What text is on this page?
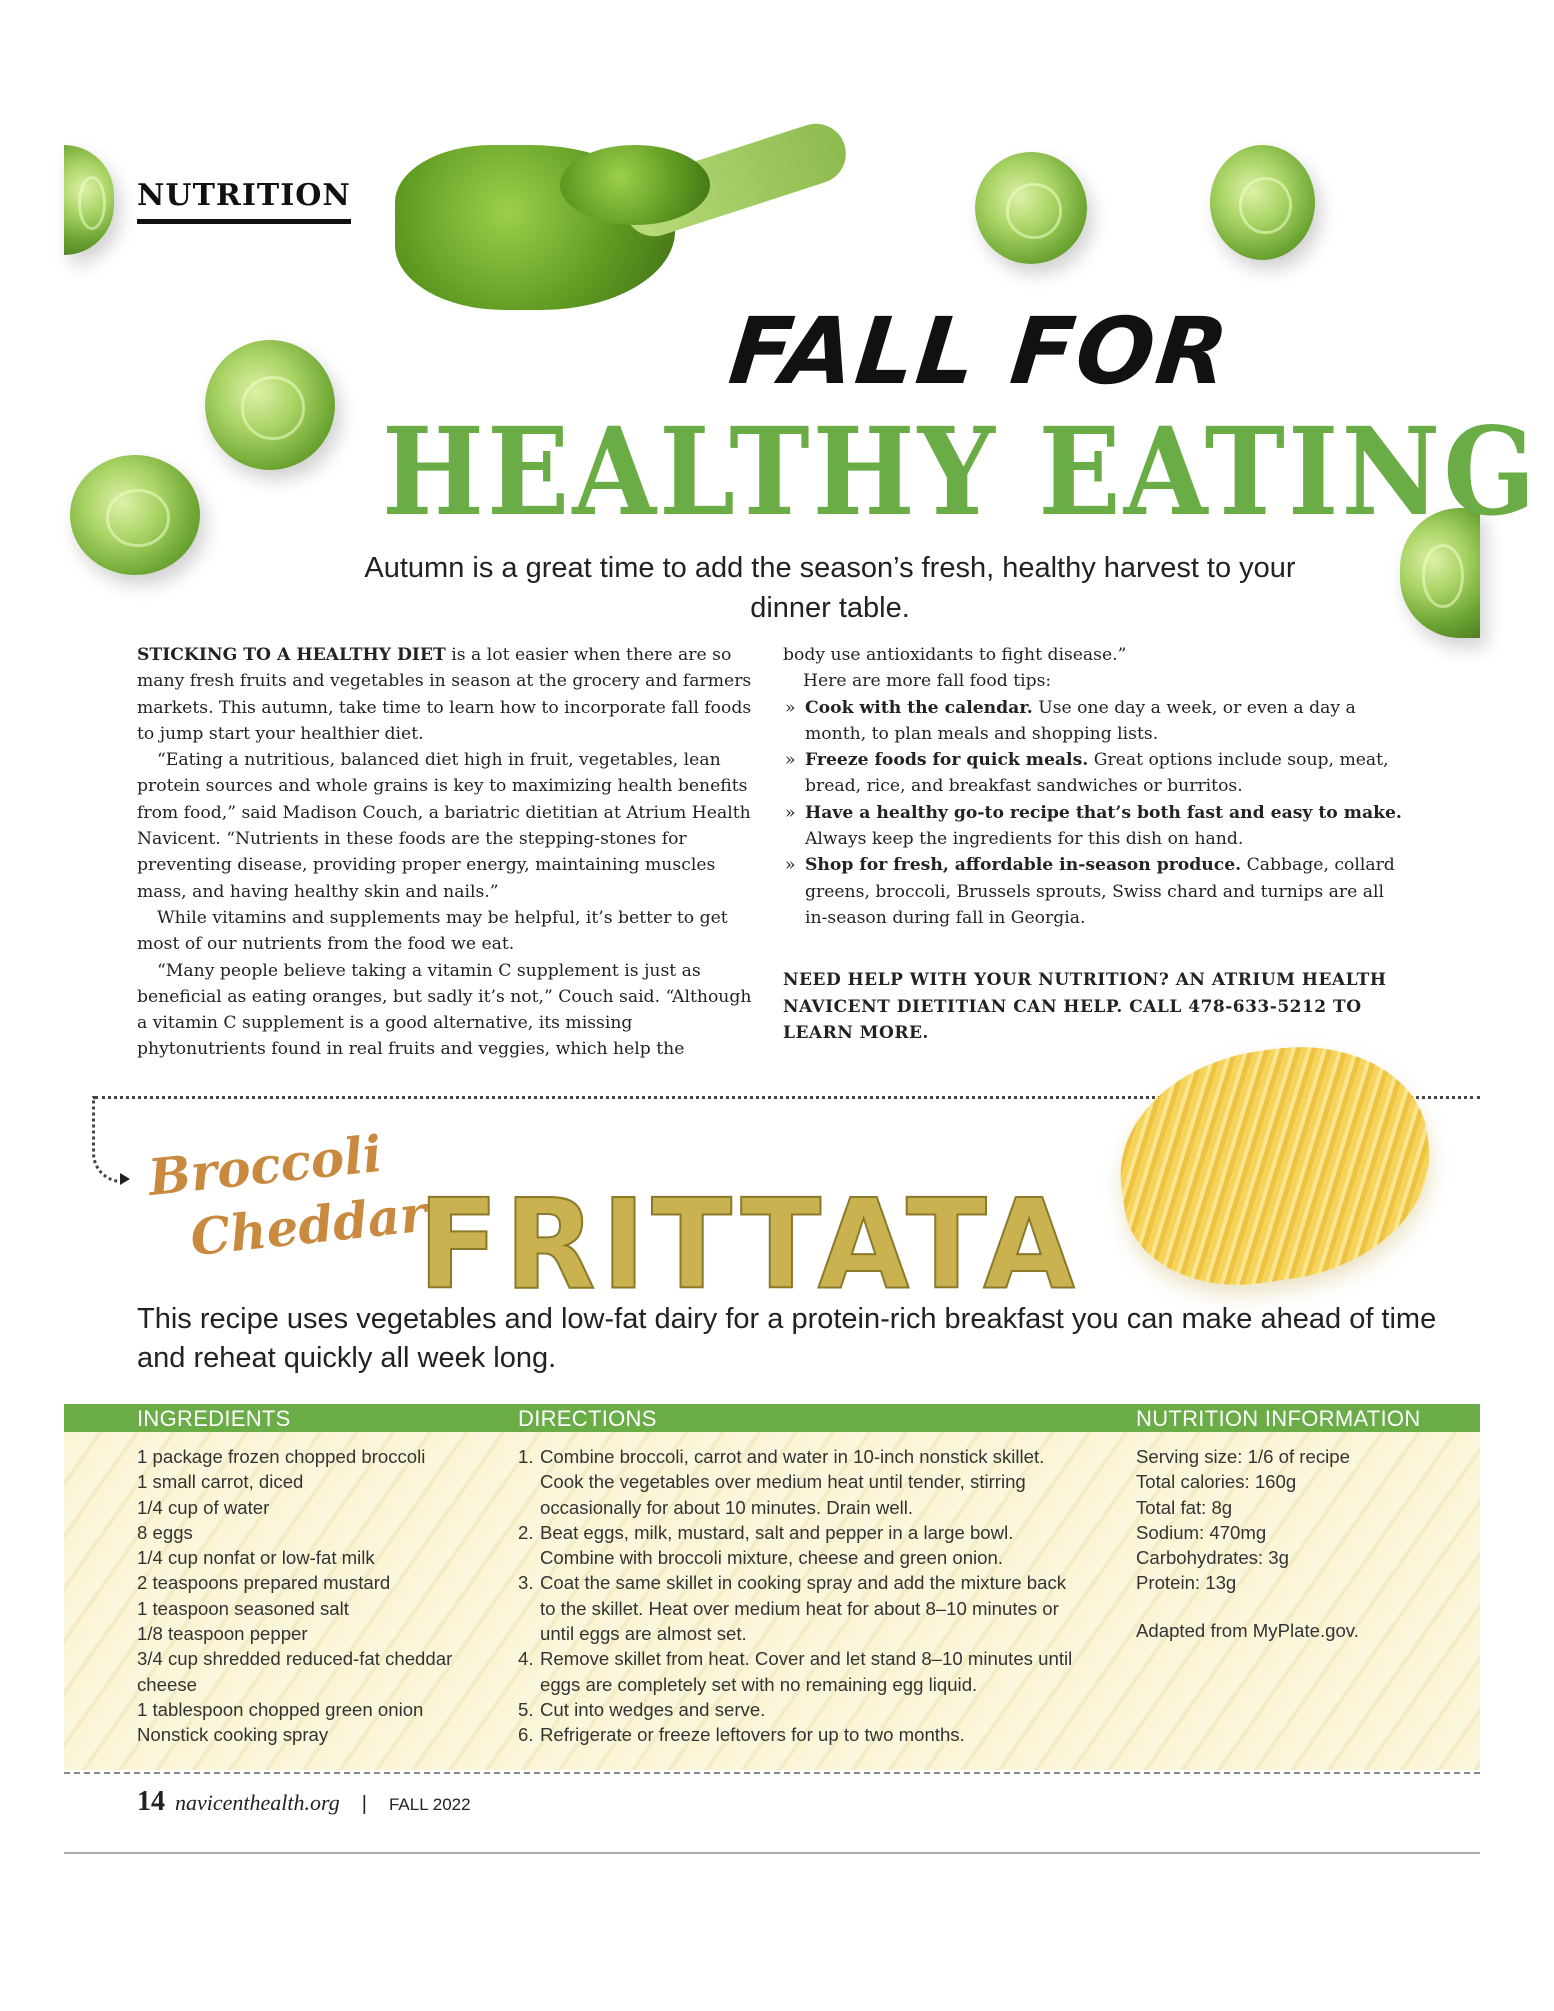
NUTRITION
FALL FOR
HEALTHY EATING
Autumn is a great time to add the season’s fresh, healthy harvest to your dinner table.

STICKING TO A HEALTHY DIET is a lot easier when there are so many fresh fruits and vegetables in season at the grocery and farmers markets. This autumn, take time to learn how to incorporate fall foods to jump start your healthier diet.

“Eating a nutritious, balanced diet high in fruit, vegetables, lean protein sources and whole grains is key to maximizing health benefits from food,” said Madison Couch, a bariatric dietitian at Atrium Health Navicent. “Nutrients in these foods are the stepping-stones for preventing disease, providing proper energy, maintaining muscles mass, and having healthy skin and nails.”

While vitamins and supplements may be helpful, it’s better to get most of our nutrients from the food we eat.

“Many people believe taking a vitamin C supplement is just as beneficial as eating oranges, but sadly it’s not,” Couch said. “Although a vitamin C supplement is a good alternative, its missing phytonutrients found in real fruits and veggies, which help the

body use antioxidants to fight disease.”

Here are more fall food tips:

» Cook with the calendar. Use one day a week, or even a day a month, to plan meals and shopping lists.
» Freeze foods for quick meals. Great options include soup, meat, bread, rice, and breakfast sandwiches or burritos.
» Have a healthy go-to recipe that’s both fast and easy to make. Always keep the ingredients for this dish on hand.
» Shop for fresh, affordable in-season produce. Cabbage, collard greens, broccoli, Brussels sprouts, Swiss chard and turnips are all in-season during fall in Georgia.

NEED HELP WITH YOUR NUTRITION? AN ATRIUM HEALTH NAVICENT DIETITIAN CAN HELP. CALL 478-633-5212 TO LEARN MORE.

Broccoli
Cheddar
FRITTATA
This recipe uses vegetables and low-fat dairy for a protein-rich breakfast you can make ahead of time and reheat quickly all week long.
INGREDIENTS	DIRECTIONS	NUTRITION INFORMATION
1 package frozen chopped broccoli
1 small carrot, diced
1/4 cup of water
8 eggs
1/4 cup nonfat or low-fat milk
2 teaspoons prepared mustard
1 teaspoon seasoned salt
1/8 teaspoon pepper
3/4 cup shredded reduced-fat cheddar cheese
1 tablespoon chopped green onion
Nonstick cooking spray
1. Combine broccoli, carrot and water in 10-inch nonstick skillet. Cook the vegetables over medium heat until tender, stirring occasionally for about 10 minutes. Drain well.
2. Beat eggs, milk, mustard, salt and pepper in a large bowl. Combine with broccoli mixture, cheese and green onion.
3. Coat the same skillet in cooking spray and add the mixture back to the skillet. Heat over medium heat for about 8–10 minutes or until eggs are almost set.
4. Remove skillet from heat. Cover and let stand 8–10 minutes until eggs are completely set with no remaining egg liquid.
5. Cut into wedges and serve.
6. Refrigerate or freeze leftovers for up to two months.
Serving size: 1/6 of recipe
Total calories: 160g
Total fat: 8g
Sodium: 470mg
Carbohydrates: 3g
Protein: 13g
Adapted from MyPlate.gov.
14 navicenthealth.org | FALL 2022
